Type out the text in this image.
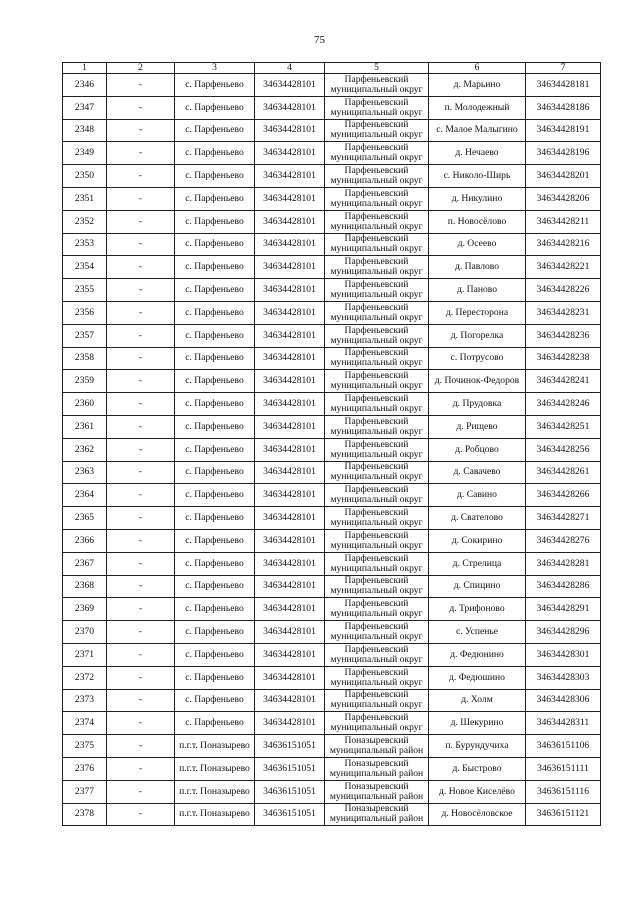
75
1	2	3	4	5	6	7
2346	-	с. Парфеньево	34634428101	Парфеньевский муниципальный округ	д. Марьино	34634428181
2347	-	с. Парфеньево	34634428101	Парфеньевский муниципальный округ	п. Молодежный	34634428186
2348	-	с. Парфеньево	34634428101	Парфеньевский муниципальный округ	с. Малое Малыгино	34634428191
2349	-	с. Парфеньево	34634428101	Парфеньевский муниципальный округ	д. Нечаево	34634428196
2350	-	с. Парфеньево	34634428101	Парфеньевский муниципальный округ	с. Николо-Ширь	34634428201
2351	-	с. Парфеньево	34634428101	Парфеньевский муниципальный округ	д. Никулино	34634428206
2352	-	с. Парфеньево	34634428101	Парфеньевский муниципальный округ	п. Новосёлово	34634428211
2353	-	с. Парфеньево	34634428101	Парфеньевский муниципальный округ	д. Осеево	34634428216
2354	-	с. Парфеньево	34634428101	Парфеньевский муниципальный округ	д. Павлово	34634428221
2355	-	с. Парфеньево	34634428101	Парфеньевский муниципальный округ	д. Паново	34634428226
2356	-	с. Парфеньево	34634428101	Парфеньевский муниципальный округ	д. Пересторона	34634428231
2357	-	с. Парфеньево	34634428101	Парфеньевский муниципальный округ	д. Погорелка	34634428236
2358	-	с. Парфеньево	34634428101	Парфеньевский муниципальный округ	с. Потрусово	34634428238
2359	-	с. Парфеньево	34634428101	Парфеньевский муниципальный округ	д. Починок-Федоров	34634428241
2360	-	с. Парфеньево	34634428101	Парфеньевский муниципальный округ	д. Прудовка	34634428246
2361	-	с. Парфеньево	34634428101	Парфеньевский муниципальный округ	д. Рищево	34634428251
2362	-	с. Парфеньево	34634428101	Парфеньевский муниципальный округ	д. Робцово	34634428256
2363	-	с. Парфеньево	34634428101	Парфеньевский муниципальный округ	д. Савачево	34634428261
2364	-	с. Парфеньево	34634428101	Парфеньевский муниципальный округ	д. Савино	34634428266
2365	-	с. Парфеньево	34634428101	Парфеньевский муниципальный округ	д. Свателово	34634428271
2366	-	с. Парфеньево	34634428101	Парфеньевский муниципальный округ	д. Сокирино	34634428276
2367	-	с. Парфеньево	34634428101	Парфеньевский муниципальный округ	д. Стрелица	34634428281
2368	-	с. Парфеньево	34634428101	Парфеньевский муниципальный округ	д. Спицино	34634428286
2369	-	с. Парфеньево	34634428101	Парфеньевский муниципальный округ	д. Трифоново	34634428291
2370	-	с. Парфеньево	34634428101	Парфеньевский муниципальный округ	с. Успенье	34634428296
2371	-	с. Парфеньево	34634428101	Парфеньевский муниципальный округ	д. Федюнино	34634428301
2372	-	с. Парфеньево	34634428101	Парфеньевский муниципальный округ	д. Федюшино	34634428303
2373	-	с. Парфеньево	34634428101	Парфеньевский муниципальный округ	д. Холм	34634428306
2374	-	с. Парфеньево	34634428101	Парфеньевский муниципальный округ	д. Шекурино	34634428311
2375	-	п.г.т. Поназырево	34636151051	Поназыревский муниципальный район	п. Бурундучиха	34636151106
2376	-	п.г.т. Поназырево	34636151051	Поназыревский муниципальный район	д. Быстрово	34636151111
2377	-	п.г.т. Поназырево	34636151051	Поназыревский муниципальный район	д. Новое Киселёво	34636151116
2378	-	п.г.т. Поназырево	34636151051	Поназыревский муниципальный район	д. Новосёловское	34636151121
